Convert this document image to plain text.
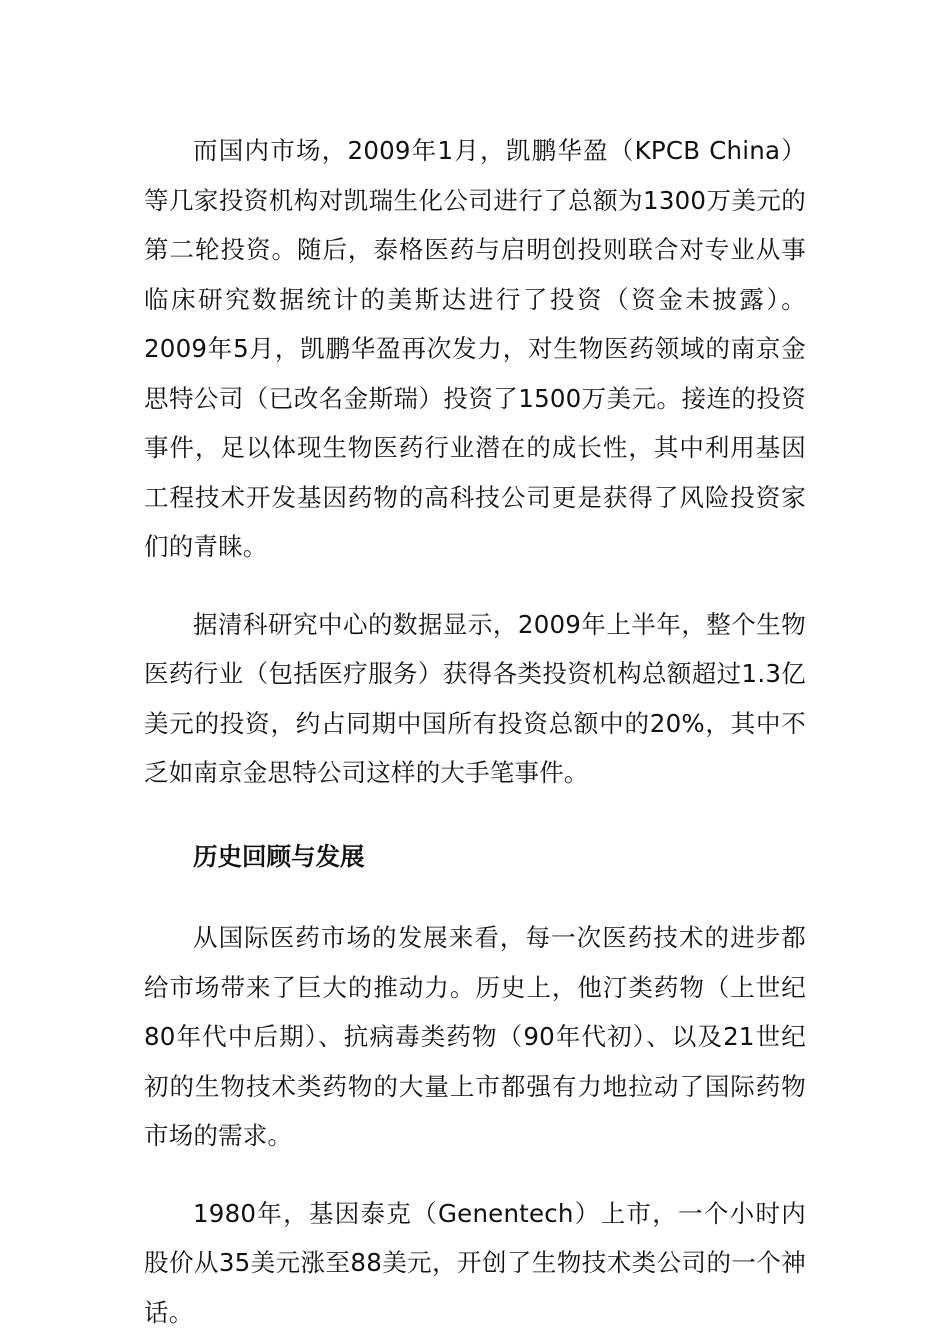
而国内市场，2009年1月，凯鹏华盈（KPCB China）等几家投资机构对凯瑞生化公司进行了总额为1300万美元的第二轮投资。随后，泰格医药与启明创投则联合对专业从事临床研究数据统计的美斯达进行了投资（资金未披露）。2009年5月，凯鹏华盈再次发力，对生物医药领域的南京金思特公司（已改名金斯瑞）投资了1500万美元。接连的投资事件，足以体现生物医药行业潜在的成长性，其中利用基因工程技术开发基因药物的高科技公司更是获得了风险投资家们的青睐。

据清科研究中心的数据显示，2009年上半年，整个生物医药行业（包括医疗服务）获得各类投资机构总额超过1.3亿美元的投资，约占同期中国所有投资总额中的20%，其中不乏如南京金思特公司这样的大手笔事件。

历史回顾与发展

从国际医药市场的发展来看，每一次医药技术的进步都给市场带来了巨大的推动力。历史上，他汀类药物（上世纪80年代中后期）、抗病毒类药物（90年代初）、以及21世纪初的生物技术类药物的大量上市都强有力地拉动了国际药物市场的需求。

1980年，基因泰克（Genentech）上市，一个小时内股价从35美元涨至88美元，开创了生物技术类公司的一个神话。
